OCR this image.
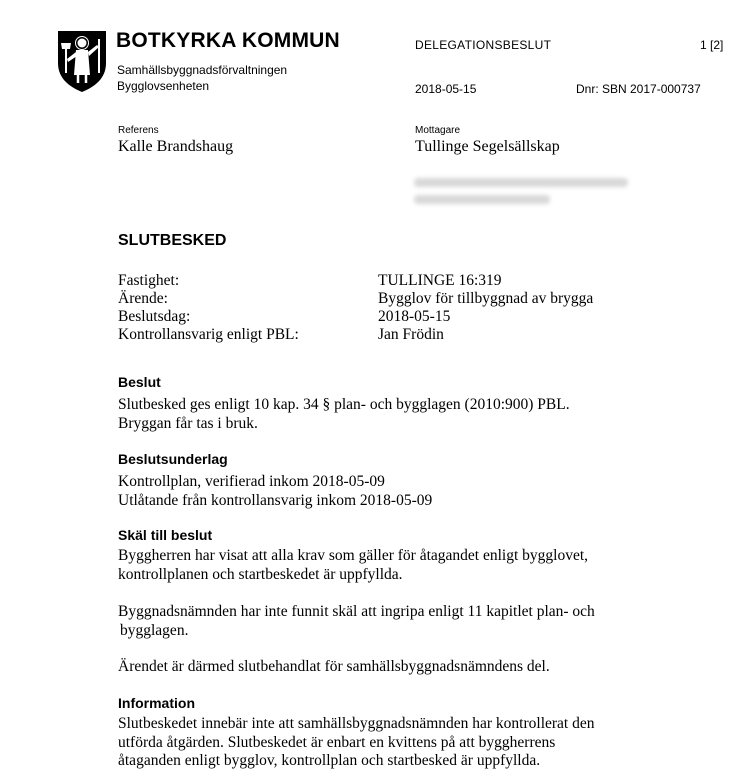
BOTKYRKA KOMMUN
Samhällsbyggnadsförvaltningen
Bygglovsenheten
DELEGATIONSBESLUT	1 [2]
2018-05-15	Dnr: SBN 2017-000737
Referens
Kalle Brandshaug
Mottagare
Tullinge Segelsällskap
SLUTBESKED
Fastighet:	TULLINGE 16:319
Ärende:	Bygglov för tillbyggnad av brygga
Beslutsdag:	2018-05-15
Kontrollansvarig enligt PBL:	Jan Frödin
Beslut
Slutbesked ges enligt 10 kap. 34 § plan- och bygglagen (2010:900) PBL.
Bryggan får tas i bruk.
Beslutsunderlag
Kontrollplan, verifierad inkom 2018-05-09
Utlåtande från kontrollansvarig inkom 2018-05-09
Skäl till beslut
Byggherren har visat att alla krav som gäller för åtagandet enligt bygglovet,
kontrollplanen och startbeskedet är uppfyllda.
Byggnadsnämnden har inte funnit skäl att ingripa enligt 11 kapitlet plan- och
bygglagen.
Ärendet är därmed slutbehandlat för samhällsbyggnadsnämndens del.
Information
Slutbeskedet innebär inte att samhällsbyggnadsnämnden har kontrollerat den
utförda åtgärden. Slutbeskedet är enbart en kvittens på att byggherrens
åtaganden enligt bygglov, kontrollplan och startbesked är uppfyllda.
